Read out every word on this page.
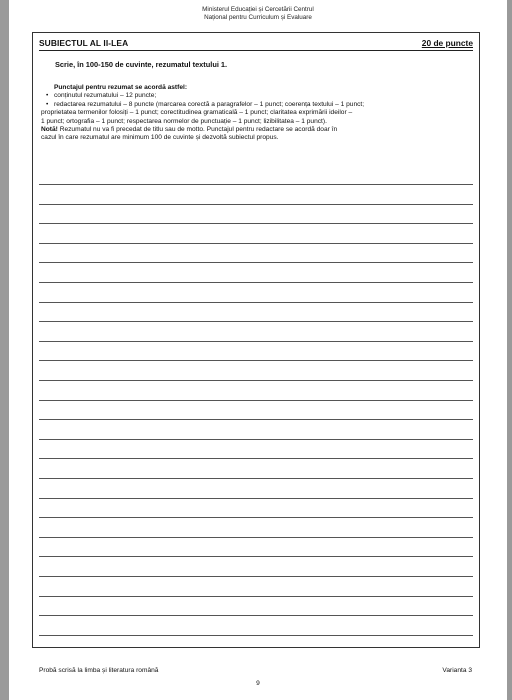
Ministerul Educației și Cercetării Centrul
Național pentru Curriculum și Evaluare
SUBIECTUL AL II-LEA	20 de puncte
Scrie, în 100-150 de cuvinte, rezumatul textului 1.
Punctajul pentru rezumat se acordă astfel:
• conținutul rezumatului – 12 puncte;
• redactarea rezumatului – 8 puncte (marcarea corectă a paragrafelor – 1 punct; coerența textului – 1 punct;
proprietatea termenilor folosiți – 1 punct; corectitudinea gramaticală – 1 punct; claritatea exprimării ideilor –
1 punct; ortografia – 1 punct; respectarea normelor de punctuație – 1 punct; lizibilitatea – 1 punct).
Notă! Rezumatul nu va fi precedat de titlu sau de motto. Punctajul pentru redactare se acordă doar în
cazul în care rezumatul are minimum 100 de cuvinte și dezvoltă subiectul propus.
Probă scrisă la limba și literatura română	Varianta 3
9
